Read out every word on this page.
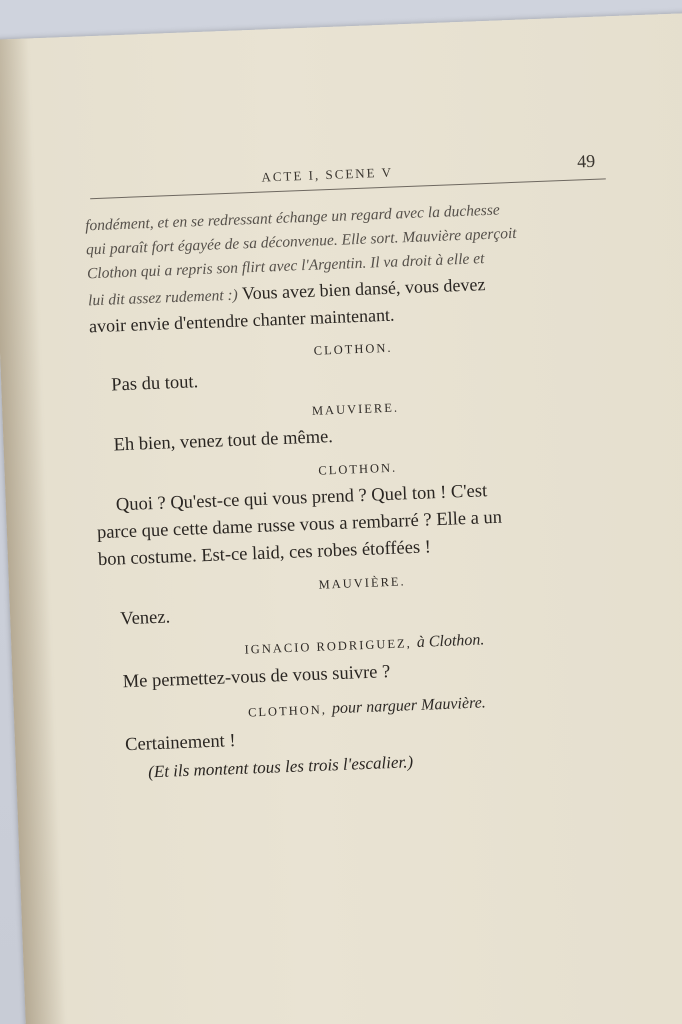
ACTE I, SCENE V
49
fondément, et en se redressant échange un regard avec la duchesse
qui paraît fort égayée de sa déconvenue. Elle sort. Mauvière aperçoit
Clothon qui a repris son flirt avec l'Argentin. Il va droit à elle et
lui dit assez rudement :) Vous avez bien dansé, vous devez
avoir envie d'entendre chanter maintenant.
CLOTHON.
Pas du tout.
MAUVIERE.
Eh bien, venez tout de même.
CLOTHON.
Quoi ? Qu'est-ce qui vous prend ? Quel ton ! C'est
parce que cette dame russe vous a rembarré ? Elle a un
bon costume. Est-ce laid, ces robes étoffées !
MAUVIÈRE.
Venez.
IGNACIO RODRIGUEZ, à Clothon.
Me permettez-vous de vous suivre ?
CLOTHON, pour narguer Mauvière.
Certainement !
(Et ils montent tous les trois l'escalier.)
